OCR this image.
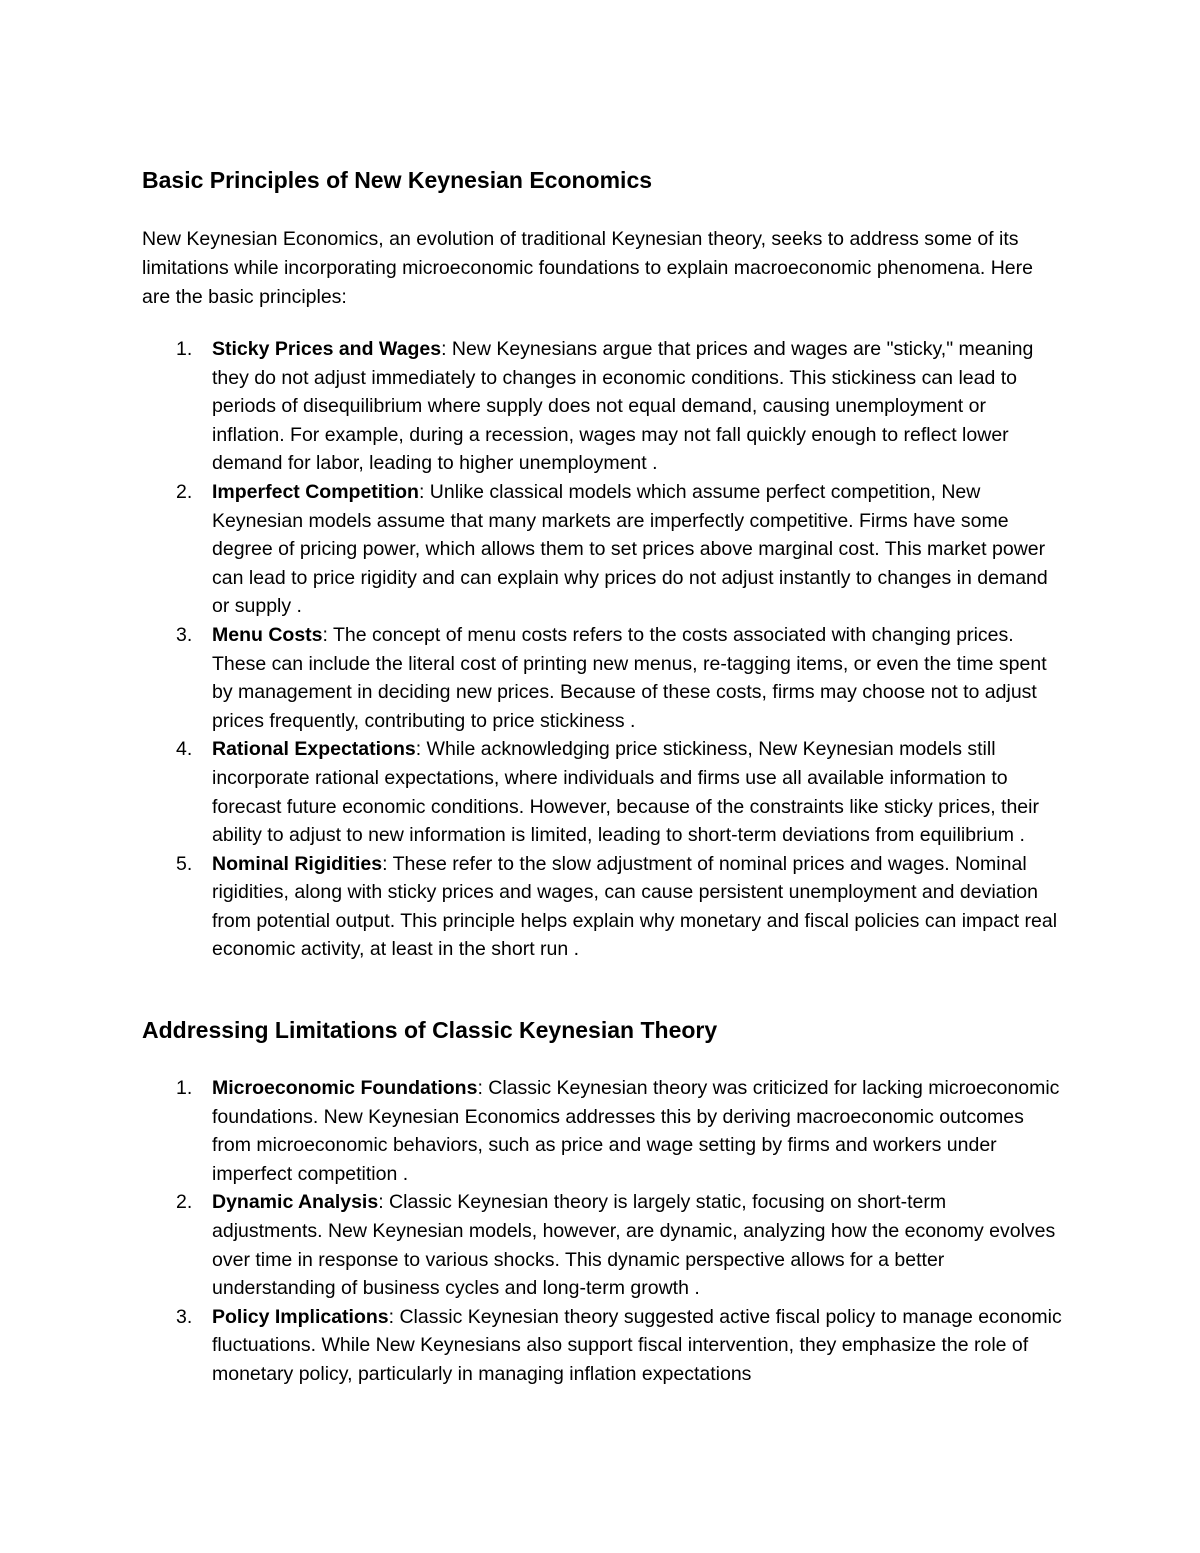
Basic Principles of New Keynesian Economics

New Keynesian Economics, an evolution of traditional Keynesian theory, seeks to address some of its limitations while incorporating microeconomic foundations to explain macroeconomic phenomena. Here are the basic principles:

1. Sticky Prices and Wages: New Keynesians argue that prices and wages are "sticky," meaning they do not adjust immediately to changes in economic conditions. This stickiness can lead to periods of disequilibrium where supply does not equal demand, causing unemployment or inflation. For example, during a recession, wages may not fall quickly enough to reflect lower demand for labor, leading to higher unemployment .
2. Imperfect Competition: Unlike classical models which assume perfect competition, New Keynesian models assume that many markets are imperfectly competitive. Firms have some degree of pricing power, which allows them to set prices above marginal cost. This market power can lead to price rigidity and can explain why prices do not adjust instantly to changes in demand or supply .
3. Menu Costs: The concept of menu costs refers to the costs associated with changing prices. These can include the literal cost of printing new menus, re-tagging items, or even the time spent by management in deciding new prices. Because of these costs, firms may choose not to adjust prices frequently, contributing to price stickiness .
4. Rational Expectations: While acknowledging price stickiness, New Keynesian models still incorporate rational expectations, where individuals and firms use all available information to forecast future economic conditions. However, because of the constraints like sticky prices, their ability to adjust to new information is limited, leading to short-term deviations from equilibrium .
5. Nominal Rigidities: These refer to the slow adjustment of nominal prices and wages. Nominal rigidities, along with sticky prices and wages, can cause persistent unemployment and deviation from potential output. This principle helps explain why monetary and fiscal policies can impact real economic activity, at least in the short run .
Addressing Limitations of Classic Keynesian Theory
1. Microeconomic Foundations: Classic Keynesian theory was criticized for lacking microeconomic foundations. New Keynesian Economics addresses this by deriving macroeconomic outcomes from microeconomic behaviors, such as price and wage setting by firms and workers under imperfect competition .
2. Dynamic Analysis: Classic Keynesian theory is largely static, focusing on short-term adjustments. New Keynesian models, however, are dynamic, analyzing how the economy evolves over time in response to various shocks. This dynamic perspective allows for a better understanding of business cycles and long-term growth .
3. Policy Implications: Classic Keynesian theory suggested active fiscal policy to manage economic fluctuations. While New Keynesians also support fiscal intervention, they emphasize the role of monetary policy, particularly in managing inflation expectations
